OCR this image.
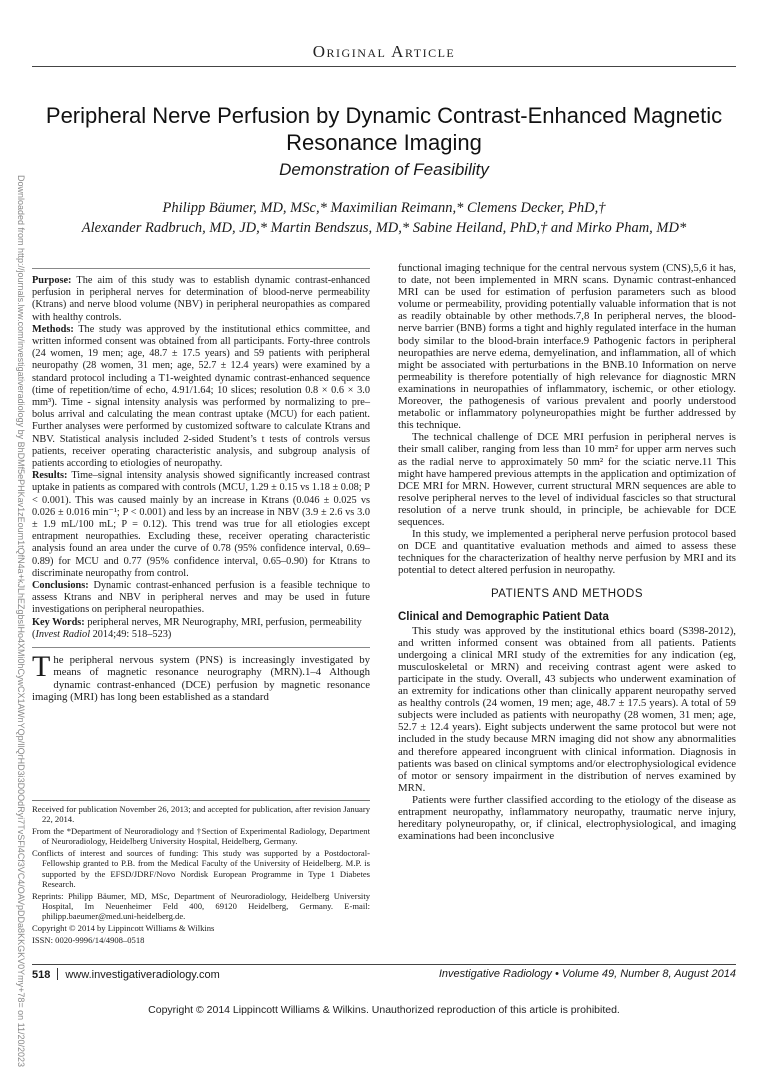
Original Article
Peripheral Nerve Perfusion by Dynamic Contrast-Enhanced Magnetic Resonance Imaging
Demonstration of Feasibility
Philipp Bäumer, MD, MSc,* Maximilian Reimann,* Clemens Decker, PhD,†
Alexander Radbruch, MD, JD,* Martin Bendszus, MD,* Sabine Heiland, PhD,† and Mirko Pham, MD*
Downloaded from http://journals.lww.com/investigativeradiology by BhDMf5ePHKav1zEoum1tQfN4a+kJLhEZgbsIHo4XMi0hCywCX1AWnYQp/IlQrHD3i3D0OdRyi7TvSFl4Cf3VC4/OAVpDDa8KKGKV0Ymy+78= on 11/20/2023 Purpose: The aim of this study was to establish dynamic contrast-enhanced perfusion in peripheral nerves for determination of blood-nerve permeability (Ktrans) and nerve blood volume (NBV) in peripheral neuropathies as compared with healthy controls.

Methods: The study was approved by the institutional ethics committee, and written informed consent was obtained from all participants. Forty-three controls (24 women, 19 men; age, 48.7 ± 17.5 years) and 59 patients with peripheral neuropathy (28 women, 31 men; age, 52.7 ± 12.4 years) were examined by a standard protocol including a T1-weighted dynamic contrast-enhanced sequence (time of repetition/time of echo, 4.91/1.64; 10 slices; resolution 0.8 × 0.6 × 3.0 mm³). Time - signal intensity analysis was performed by normalizing to pre–bolus arrival and calculating the mean contrast uptake (MCU) for each patient. Further analyses were performed by customized software to calculate Ktrans and NBV. Statistical analysis included 2-sided Student’s t tests of controls versus patients, receiver operating characteristic analysis, and subgroup analysis of patients according to etiologies of neuropathy.

Results: Time–signal intensity analysis showed significantly increased contrast uptake in patients as compared with controls (MCU, 1.29 ± 0.15 vs 1.18 ± 0.08; P < 0.001). This was caused mainly by an increase in Ktrans (0.046 ± 0.025 vs 0.026 ± 0.016 min⁻¹; P < 0.001) and less by an increase in NBV (3.9 ± 2.6 vs 3.0 ± 1.9 mL/100 mL; P = 0.12). This trend was true for all etiologies except entrapment neuropathies. Excluding these, receiver operating characteristic analysis found an area under the curve of 0.78 (95% confidence interval, 0.69–0.89) for MCU and 0.77 (95% confidence interval, 0.65–0.90) for Ktrans to discriminate neuropathy from control.

Conclusions: Dynamic contrast-enhanced perfusion is a feasible technique to assess Ktrans and NBV in peripheral nerves and may be used in future investigations on peripheral neuropathies.

Key Words: peripheral nerves, MR Neurography, MRI, perfusion, permeability

(Invest Radiol 2014;49: 518–523)

The peripheral nervous system (PNS) is increasingly investigated by means of magnetic resonance neurography (MRN).1–4 Although dynamic contrast-enhanced (DCE) perfusion by magnetic resonance imaging (MRI) has long been established as a standard

Received for publication November 26, 2013; and accepted for publication, after revision January 22, 2014.

From the *Department of Neuroradiology and †Section of Experimental Radiology, Department of Neuroradiology, Heidelberg University Hospital, Heidelberg, Germany.

Conflicts of interest and sources of funding: This study was supported by a Postdoctoral-Fellowship granted to P.B. from the Medical Faculty of the University of Heidelberg. M.P. is supported by the EFSD/JDRF/Novo Nordisk European Programme in Type 1 Diabetes Research.

Reprints: Philipp Bäumer, MD, MSc, Department of Neuroradiology, Heidelberg University Hospital, Im Neuenheimer Feld 400, 69120 Heidelberg, Germany. E-mail: philipp.baeumer@med.uni-heidelberg.de.

Copyright © 2014 by Lippincott Williams & Wilkins

ISSN: 0020-9996/14/4908–0518

functional imaging technique for the central nervous system (CNS),5,6 it has, to date, not been implemented in MRN scans. Dynamic contrast-enhanced MRI can be used for estimation of perfusion parameters such as blood volume or permeability, providing potentially valuable information that is not as readily obtainable by other methods.7,8 In peripheral nerves, the blood-nerve barrier (BNB) forms a tight and highly regulated interface in the human body similar to the blood-brain interface.9 Pathogenic factors in peripheral neuropathies are nerve edema, demyelination, and inflammation, all of which might be associated with perturbations in the BNB.10 Information on nerve permeability is therefore potentially of high relevance for diagnostic MRN examinations in neuropathies of inflammatory, ischemic, or other etiology. Moreover, the pathogenesis of various prevalent and poorly understood metabolic or inflammatory polyneuropathies might be further addressed by this technique.

The technical challenge of DCE MRI perfusion in peripheral nerves is their small caliber, ranging from less than 10 mm² for upper arm nerves such as the radial nerve to approximately 50 mm² for the sciatic nerve.11 This might have hampered previous attempts in the application and optimization of DCE MRI for MRN. However, current structural MRN sequences are able to resolve peripheral nerves to the level of individual fascicles so that structural resolution of a nerve trunk should, in principle, be achievable for DCE sequences.

In this study, we implemented a peripheral nerve perfusion protocol based on DCE and quantitative evaluation methods and aimed to assess these techniques for the characterization of healthy nerve perfusion by MRI and its potential to detect altered perfusion in neuropathy.

PATIENTS AND METHODS
Clinical and Demographic Patient Data

This study was approved by the institutional ethics board (S398-2012), and written informed consent was obtained from all patients. Patients undergoing a clinical MRI study of the extremities for any indication (eg, musculoskeletal or MRN) and receiving contrast agent were asked to participate in the study. Overall, 43 subjects who underwent examination of an extremity for indications other than clinically apparent neuropathy served as healthy controls (24 women, 19 men; age, 48.7 ± 17.5 years). A total of 59 subjects were included as patients with neuropathy (28 women, 31 men; age, 52.7 ± 12.4 years). Eight subjects underwent the same protocol but were not included in the study because MRN imaging did not show any abnormalities and therefore appeared incongruent with clinical information. Diagnosis in patients was based on clinical symptoms and/or electrophysiological evidence of motor or sensory impairment in the distribution of nerves examined by MRN.

Patients were further classified according to the etiology of the disease as entrapment neuropathy, inflammatory neuropathy, traumatic nerve injury, hereditary polyneuropathy, or, if clinical, electrophysiological, and imaging examinations had been inconclusive

518 www.investigativeradiology.com	Investigative Radiology • Volume 49, Number 8, August 2014
Copyright © 2014 Lippincott Williams & Wilkins. Unauthorized reproduction of this article is prohibited.
